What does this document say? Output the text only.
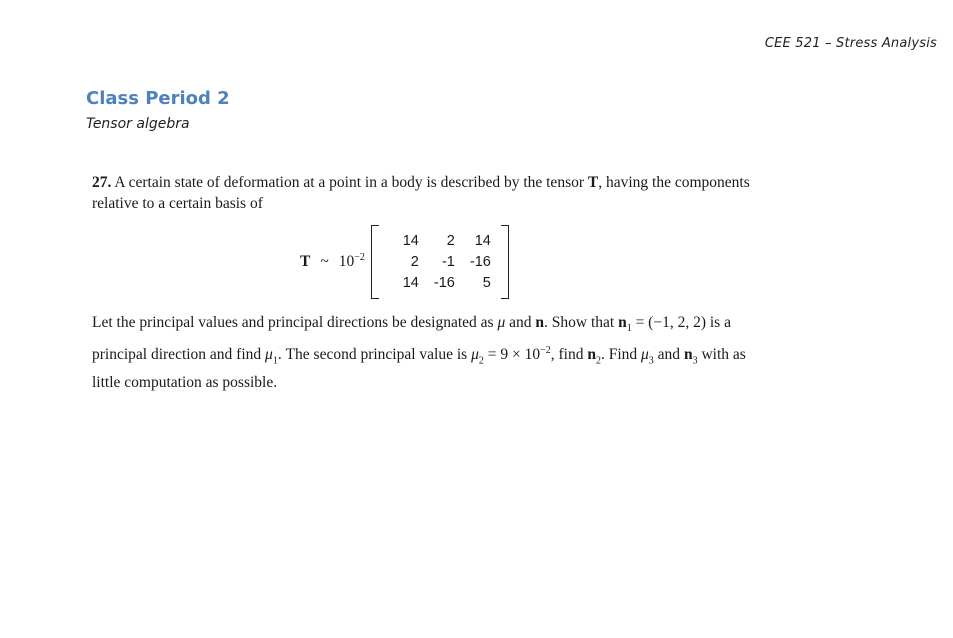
CEE 521 – Stress Analysis
Class Period 2
Tensor algebra
27. A certain state of deformation at a point in a body is described by the tensor T, having the components relative to a certain basis of
T ~ $10^{-2}$
14	2	14
2	-1	-16
14	-16	5
Let the principal values and principal directions be designated as μ and n. Show that $n_1 = (-1$, 2, 2) is a principal direction and find $\mu_1$. The second principal value is $\mu_2 = 9 \times 10^{-2}$, find $n_2$. Find $\mu_3$ and $n_3$ with as little computation as possible.
